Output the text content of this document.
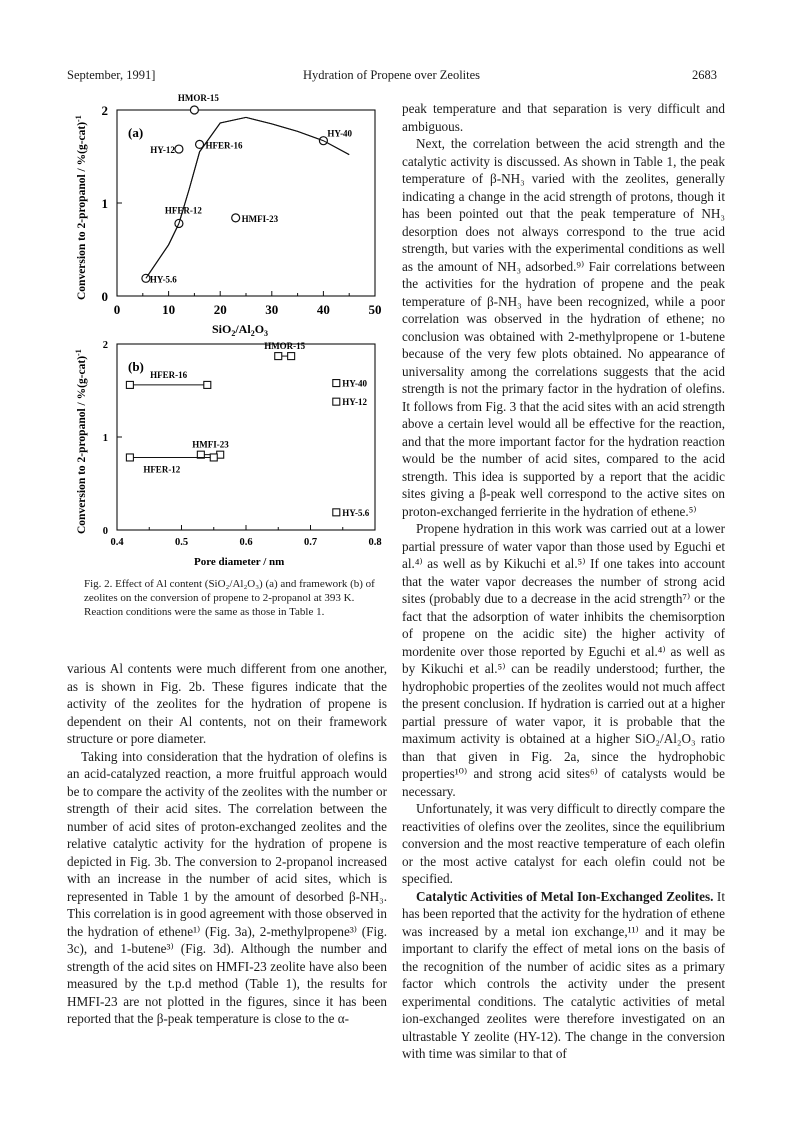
September, 1991]	Hydration of Propene over Zeolites	2683
0	10	20	30	40	50
0
1
2
HY-5.6
HFER-12
HY-12
HMOR-15
HFER-16
HMFI-23
HY-40
(a)
Conversion to 2-propanol / $\%(g-cat)^{-1}$
$SiO_2/Al_2O_3$
0.4	0.5	0.6	0.7	0.8
0
1
2	HMOR-15
HFER-16
HMFI-23
HFER-12
HY-40
HY-12
HY-5.6
(b)
Conversion to 2-propanol / $\%(g-cat)^{-1}$
Pore diameter / nm
Fig. 2. Effect of Al content (SiO₂/Al₂O₃) (a) and framework (b) of zeolites on the conversion of propene to 2-propanol at 393 K. Reaction conditions were the same as those in Table 1.

various Al contents were much different from one another, as is shown in Fig. 2b. These figures indicate that the activity of the zeolites for the hydration of propene is dependent on their Al contents, not on their framework structure or pore diameter.

Taking into consideration that the hydration of olefins is an acid-catalyzed reaction, a more fruitful approach would be to compare the activity of the zeolites with the number or strength of their acid sites. The correlation between the number of acid sites of proton-exchanged zeolites and the relative catalytic activity for the hydration of propene is depicted in Fig. 3b. The conversion to 2-propanol increased with an increase in the number of acid sites, which is represented in Table 1 by the amount of desorbed β-NH₃. This correlation is in good agreement with those observed in the hydration of ethene¹⁾ (Fig. 3a), 2-methylpropene³⁾ (Fig. 3c), and 1-butene³⁾ (Fig. 3d). Although the number and strength of the acid sites on HMFI-23 zeolite have also been measured by the t.p.d method (Table 1), the results for HMFI-23 are not plotted in the figures, since it has been reported that the β-peak temperature is close to the α-

peak temperature and that separation is very difficult and ambiguous.

Next, the correlation between the acid strength and the catalytic activity is discussed. As shown in Table 1, the peak temperature of β-NH₃ varied with the zeolites, generally indicating a change in the acid strength of protons, though it has been pointed out that the peak temperature of NH₃ desorption does not always correspond to the true acid strength, but varies with the experimental conditions as well as the amount of NH₃ adsorbed.⁹⁾ Fair correlations between the activities for the hydration of propene and the peak temperature of β-NH₃ have been recognized, while a poor correlation was observed in the hydration of ethene; no conclusion was obtained with 2-methylpropene or 1-butene because of the very few plots obtained. No appearance of universality among the correlations suggests that the acid strength is not the primary factor in the hydration of olefins. It follows from Fig. 3 that the acid sites with an acid strength above a certain level would all be effective for the reaction, and that the more important factor for the hydration reaction would be the number of acid sites, compared to the acid strength. This idea is supported by a report that the acidic sites giving a β-peak well correspond to the active sites on proton-exchanged ferrierite in the hydration of ethene.⁵⁾

Propene hydration in this work was carried out at a lower partial pressure of water vapor than those used by Eguchi et al.⁴⁾ as well as by Kikuchi et al.⁵⁾ If one takes into account that the water vapor decreases the number of strong acid sites (probably due to a decrease in the acid strength⁷⁾ or the fact that the adsorption of water inhibits the chemisorption of propene on the acidic site) the higher activity of mordenite over those reported by Eguchi et al.⁴⁾ as well as by Kikuchi et al.⁵⁾ can be readily understood; further, the hydrophobic properties of the zeolites would not much affect the present conclusion. If hydration is carried out at a higher partial pressure of water vapor, it is probable that the maximum activity is obtained at a higher SiO₂/Al₂O₃ ratio than that given in Fig. 2a, since the hydrophobic properties¹⁰⁾ and strong acid sites⁶⁾ of catalysts would be necessary.

Unfortunately, it was very difficult to directly compare the reactivities of olefins over the zeolites, since the equilibrium conversion and the most reactive temperature of each olefin or the most active catalyst for each olefin could not be specified.

Catalytic Activities of Metal Ion-Exchanged Zeolites. It has been reported that the activity for the hydration of ethene was increased by a metal ion exchange,¹¹⁾ and it may be important to clarify the effect of metal ions on the basis of the recognition of the number of acidic sites as a primary factor which controls the activity under the present experimental conditions. The catalytic activities of metal ion-exchanged zeolites were therefore investigated on an ultrastable Y zeolite (HY-12). The change in the conversion with time was similar to that of
